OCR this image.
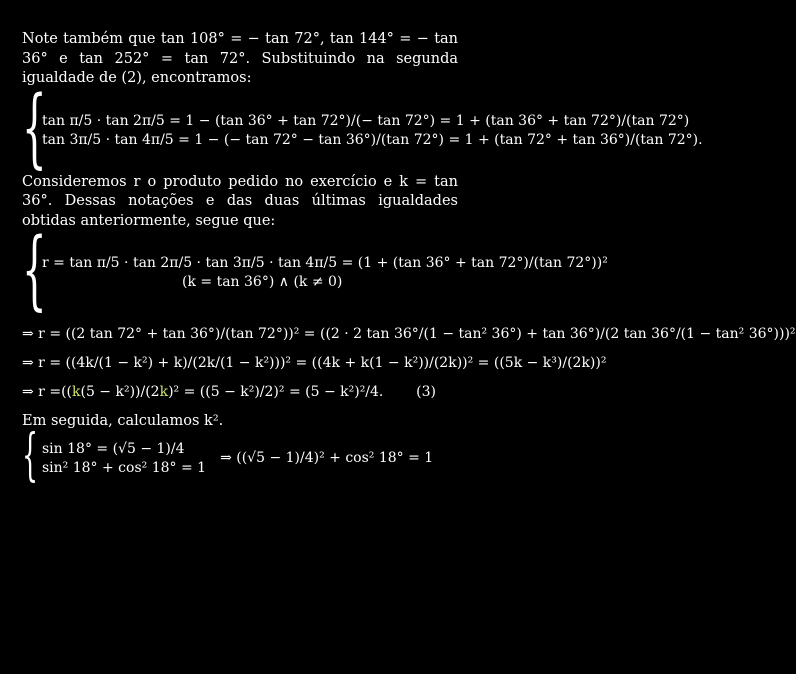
Note também que tan 108° = − tan 72°, tan 144° = − tan 36° e tan 252° = tan 72°. Substituindo na segunda igualdade de (2), encontramos:

{
tan π/5 · tan 2π/5 = 1 − (tan 36° + tan 72°)/(− tan 72°) = 1 + (tan 36° + tan 72°)/(tan 72°)
tan 3π/5 · tan 4π/5 = 1 − (− tan 72° − tan 36°)/(tan 72°) = 1 + (tan 72° + tan 36°)/(tan 72°).

Consideremos r o produto pedido no exercício e k = tan 36°. Dessas notações e das duas últimas igualdades obtidas anteriormente, segue que:

{
r = tan π/5 · tan 2π/5 · tan 3π/5 · tan 4π/5 = (1 + (tan 36° + tan 72°)/(tan 72°))²
(k = tan 36°) ∧ (k ≠ 0)
⇒ r = ((2 tan 72° + tan 36°)/(tan 72°))² = ((2 · 2 tan 36°/(1 − tan² 36°) + tan 36°)/(2 tan 36°/(1 − tan² 36°)))²
⇒ r = ((4k/(1 − k²) + k)/(2k/(1 − k²)))² = ((4k + k(1 − k²))/(2k))² = ((5k − k³)/(2k))²
⇒ r = (( k (5 − k²))/(2 k )² = ((5 − k²)/2)² = (5 − k²)²/4. (3)

Em seguida, calculamos k².

{ sin 18° = (√5 − 1)/4
sin² 18° + cos² 18° = 1
⇒ ((√5 − 1)/4)² + cos² 18° = 1
